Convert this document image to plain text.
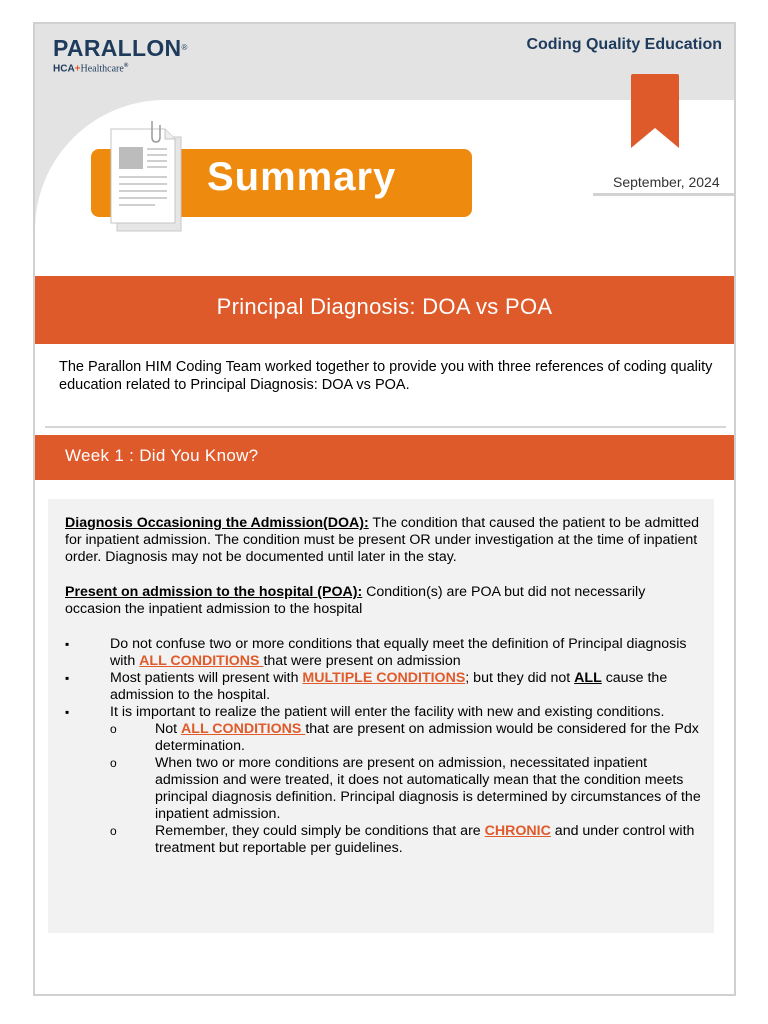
PARALLON®
HCA+Healthcare®
Coding Quality Education
Summary	September, 2024
Principal Diagnosis: DOA vs POA
The Parallon HIM Coding Team worked together to provide you with three references of coding quality education related to Principal Diagnosis: DOA vs POA.
Week 1 : Did You Know?

Diagnosis Occasioning the Admission(DOA): The condition that caused the patient to be admitted for inpatient admission. The condition must be present OR under investigation at the time of inpatient order. Diagnosis may not be documented until later in the stay.

Present on admission to the hospital (POA): Condition(s) are POA but did not necessarily occasion the inpatient admission to the hospital

▪	Do not confuse two or more conditions that equally meet the definition of Principal diagnosis with ALL CONDITIONS that were present on admission
▪	Most patients will present with MULTIPLE CONDITIONS; but they did not ALL cause the admission to the hospital.
▪	It is important to realize the patient will enter the facility with new and existing conditions.
o	Not ALL CONDITIONS that are present on admission would be considered for the Pdx determination.
o	When two or more conditions are present on admission, necessitated inpatient admission and were treated, it does not automatically mean that the condition meets principal diagnosis definition. Principal diagnosis is determined by circumstances of the inpatient admission.
o	Remember, they could simply be conditions that are CHRONIC and under control with treatment but reportable per guidelines.
